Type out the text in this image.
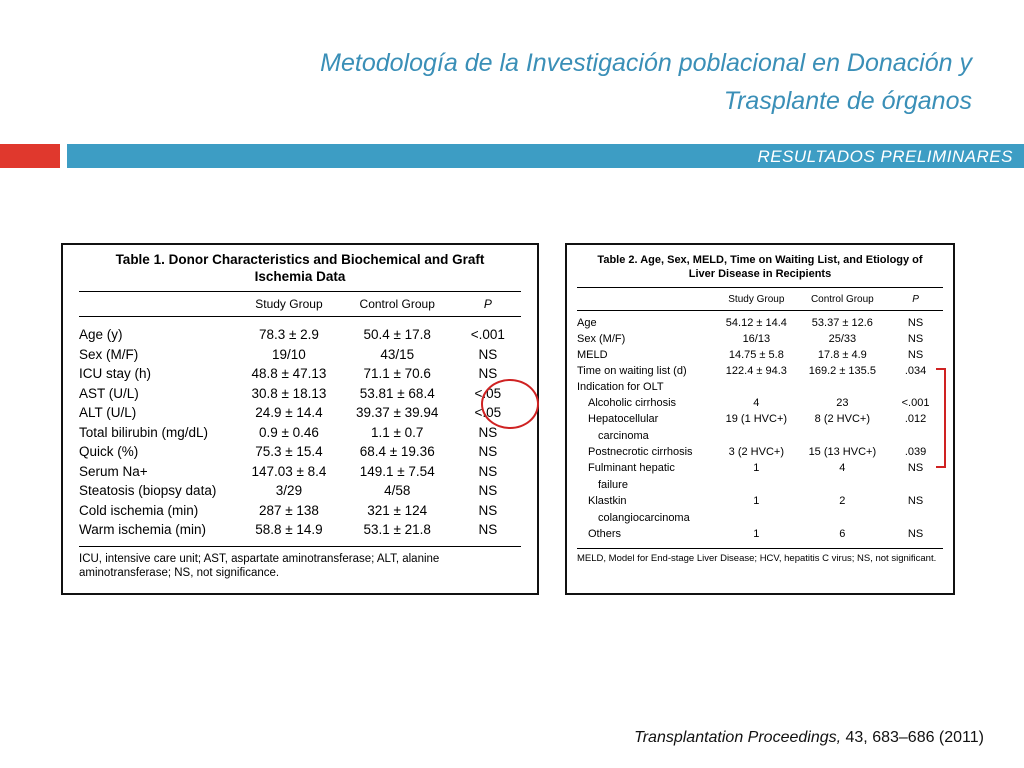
Metodología de la Investigación poblacional en Donación y
Trasplante de órganos
RESULTADOS PRELIMINARES
Table 1. Donor Characteristics and Biochemical and Graft
Ischemia Data
	Study Group	Control Group	P

Age (y)	78.3 ± 2.9	50.4 ± 17.8	<.001
Sex (M/F)	19/10	43/15	NS
ICU stay (h)	48.8 ± 47.13	71.1 ± 70.6	NS
AST (U/L)	30.8 ± 18.13	53.81 ± 68.4	<.05
ALT (U/L)	24.9 ± 14.4	39.37 ± 39.94	<.05
Total bilirubin (mg/dL)	0.9 ± 0.46	1.1 ± 0.7	NS
Quick (%)	75.3 ± 15.4	68.4 ± 19.36	NS
Serum Na+	147.03 ± 8.4	149.1 ± 7.54	NS
Steatosis (biopsy data)	3/29	4/58	NS
Cold ischemia (min)	287 ± 138	321 ± 124	NS
Warm ischemia (min)	58.8 ± 14.9	53.1 ± 21.8	NS
ICU, intensive care unit; AST, aspartate aminotransferase; ALT, alanine aminotransferase; NS, not significance.
Table 2. Age, Sex, MELD, Time on Waiting List, and Etiology of
Liver Disease in Recipients
	Study Group	Control Group	P

Age	54.12 ± 14.4	53.37 ± 12.6	NS
Sex (M/F)	16/13	25/33	NS
MELD	14.75 ± 5.8	17.8 ± 4.9	NS
Time on waiting list (d)	122.4 ± 94.3	169.2 ± 135.5	.034
Indication for OLT			
Alcoholic cirrhosis	4	23	<.001
Hepatocellular
carcinoma	19 (1 HVC+)	8 (2 HVC+)	.012
Postnecrotic cirrhosis	3 (2 HVC+)	15 (13 HVC+)	.039
Fulminant hepatic
failure	1	4	NS
Klastkin
colangiocarcinoma	1	2	NS
Others	1	6	NS
MELD, Model for End-stage Liver Disease; HCV, hepatitis C virus; NS, not significant.
Transplantation Proceedings, 43, 683–686 (2011)
